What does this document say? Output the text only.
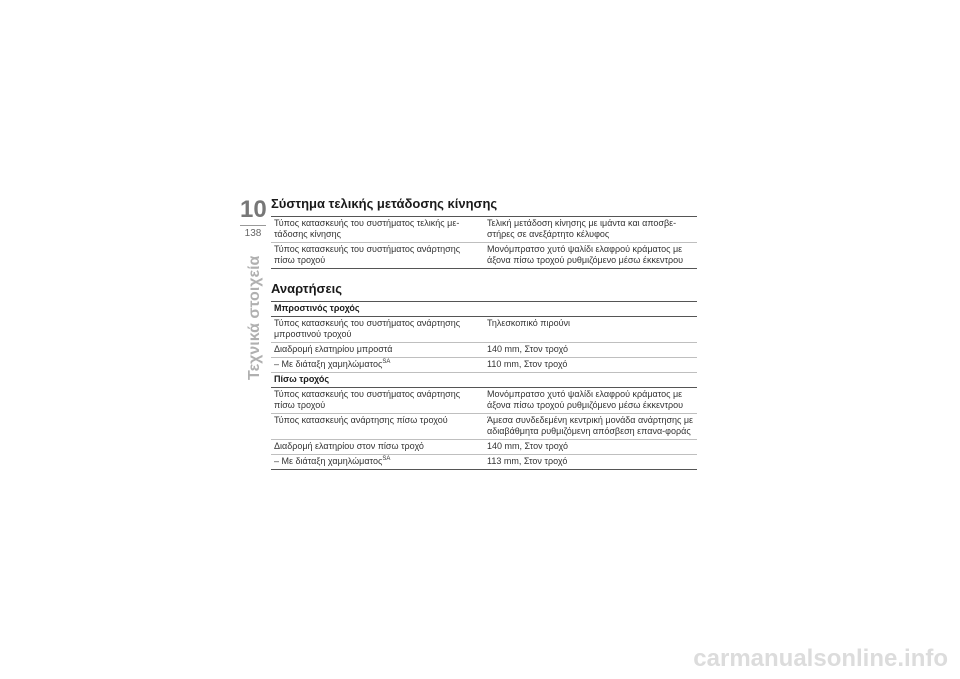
10
138
Τεχνικά στοιχεία
Σύστημα τελικής μετάδοσης κίνησης
Τύπος κατασκευής του συστήματος τελικής με-τάδοσης κίνησης	Τελική μετάδοση κίνησης με ιμάντα και αποσβε-στήρες σε ανεξάρτητο κέλυφος
Τύπος κατασκευής του συστήματος ανάρτησης πίσω τροχού	Μονόμπρατσο χυτό ψαλίδι ελαφρού κράματος με άξονα πίσω τροχού ρυθμιζόμενο μέσω έκκεντρου
Αναρτήσεις
Μπροστινός τροχός	
Τύπος κατασκευής του συστήματος ανάρτησης μπροστινού τροχού	Τηλεσκοπικό πιρούνι
Διαδρομή ελατηρίου μπροστά	140 mm, Στον τροχό
– Με διάταξη χαμηλώματος$^{SA}$	110 mm, Στον τροχό
Πίσω τροχός	
Τύπος κατασκευής του συστήματος ανάρτησης πίσω τροχού	Μονόμπρατσο χυτό ψαλίδι ελαφρού κράματος με άξονα πίσω τροχού ρυθμιζόμενο μέσω έκκεντρου
Τύπος κατασκευής ανάρτησης πίσω τροχού	Άμεσα συνδεδεμένη κεντρική μονάδα ανάρτησης με αδιαβάθμητα ρυθμιζόμενη απόσβεση επανα-φοράς
Διαδρομή ελατηρίου στον πίσω τροχό	140 mm, Στον τροχό
– Με διάταξη χαμηλώματος$^{SA}$	113 mm, Στον τροχό
carmanualsonline.info
